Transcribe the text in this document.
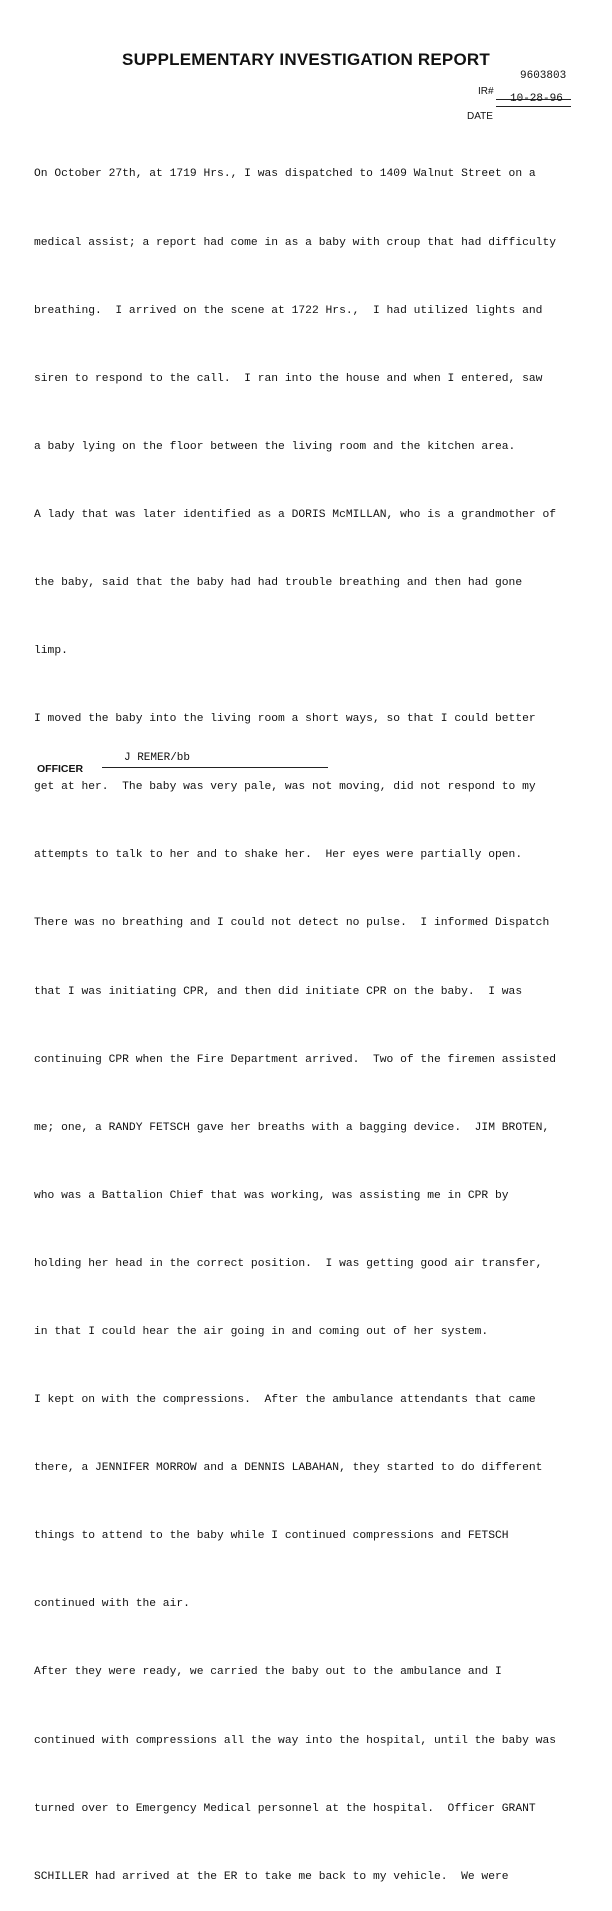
SUPPLEMENTARY INVESTIGATION REPORT
9603803
IR#
10-28-96
DATE

On October 27th, at 1719 Hrs., I was dispatched to 1409 Walnut Street on a

medical assist; a report had come in as a baby with croup that had difficulty

breathing.  I arrived on the scene at 1722 Hrs.,  I had utilized lights and

siren to respond to the call.  I ran into the house and when I entered, saw

a baby lying on the floor between the living room and the kitchen area.

A lady that was later identified as a DORIS McMILLAN, who is a grandmother of

the baby, said that the baby had had trouble breathing and then had gone

limp.

I moved the baby into the living room a short ways, so that I could better

get at her.  The baby was very pale, was not moving, did not respond to my

attempts to talk to her and to shake her.  Her eyes were partially open.

There was no breathing and I could not detect no pulse.  I informed Dispatch

that I was initiating CPR, and then did initiate CPR on the baby.  I was

continuing CPR when the Fire Department arrived.  Two of the firemen assisted

me; one, a RANDY FETSCH gave her breaths with a bagging device.  JIM BROTEN,

who was a Battalion Chief that was working, was assisting me in CPR by

holding her head in the correct position.  I was getting good air transfer,

in that I could hear the air going in and coming out of her system.

I kept on with the compressions.  After the ambulance attendants that came

there, a JENNIFER MORROW and a DENNIS LABAHAN, they started to do different

things to attend to the baby while I continued compressions and FETSCH

continued with the air.

After they were ready, we carried the baby out to the ambulance and I

continued with compressions all the way into the hospital, until the baby was

turned over to Emergency Medical personnel at the hospital.  Officer GRANT

SCHILLER had arrived at the ER to take me back to my vehicle.  We were

OFFICER
J REMER/bb
